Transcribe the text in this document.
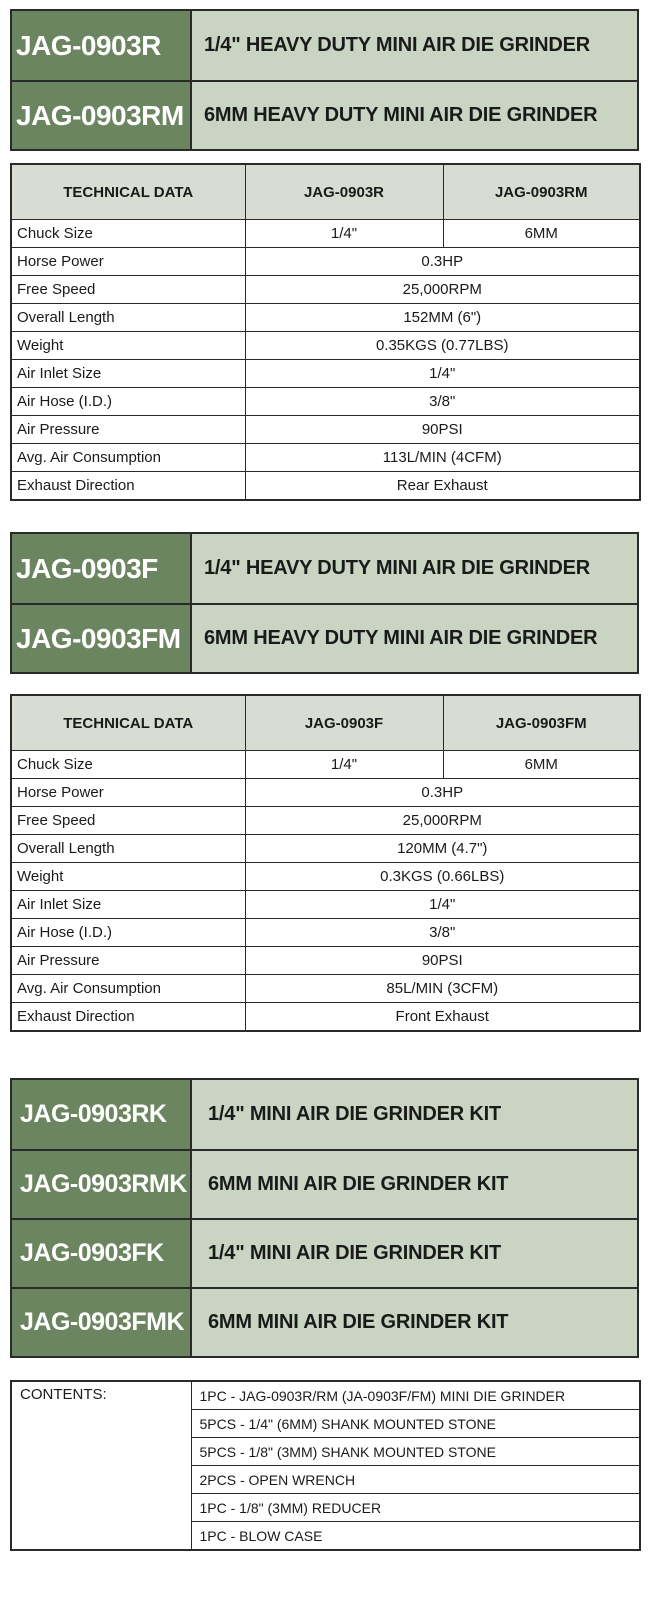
JAG-0903R	1/4" HEAVY DUTY MINI AIR DIE GRINDER
JAG-0903RM	6MM HEAVY DUTY MINI AIR DIE GRINDER
TECHNICAL DATA	JAG-0903R	JAG-0903RM
Chuck Size	1/4"	6MM
Horse Power	0.3HP	
Free Speed	25,000RPM	
Overall Length	152MM (6")	
Weight	0.35KGS (0.77LBS)	
Air Inlet Size	1/4"	
Air Hose (I.D.)	3/8"	
Air Pressure	90PSI	
Avg. Air Consumption	113L/MIN (4CFM)	
Exhaust Direction	Rear Exhaust	
JAG-0903F	1/4" HEAVY DUTY MINI AIR DIE GRINDER
JAG-0903FM	6MM HEAVY DUTY MINI AIR DIE GRINDER
TECHNICAL DATA	JAG-0903F	JAG-0903FM
Chuck Size	1/4"	6MM
Horse Power	0.3HP	
Free Speed	25,000RPM	
Overall Length	120MM (4.7")	
Weight	0.3KGS (0.66LBS)	
Air Inlet Size	1/4"	
Air Hose (I.D.)	3/8"	
Air Pressure	90PSI	
Avg. Air Consumption	85L/MIN (3CFM)	
Exhaust Direction	Front Exhaust	
JAG-0903RK	1/4" MINI AIR DIE GRINDER KIT
JAG-0903RMK	6MM MINI AIR DIE GRINDER KIT
JAG-0903FK	1/4" MINI AIR DIE GRINDER KIT
JAG-0903FMK	6MM MINI AIR DIE GRINDER KIT
CONTENTS:	1PC - JAG-0903R/RM (JA-0903F/FM) MINI DIE GRINDER
5PCS - 1/4" (6MM) SHANK MOUNTED STONE
5PCS - 1/8" (3MM) SHANK MOUNTED STONE
2PCS - OPEN WRENCH
1PC - 1/8" (3MM) REDUCER
1PC - BLOW CASE
